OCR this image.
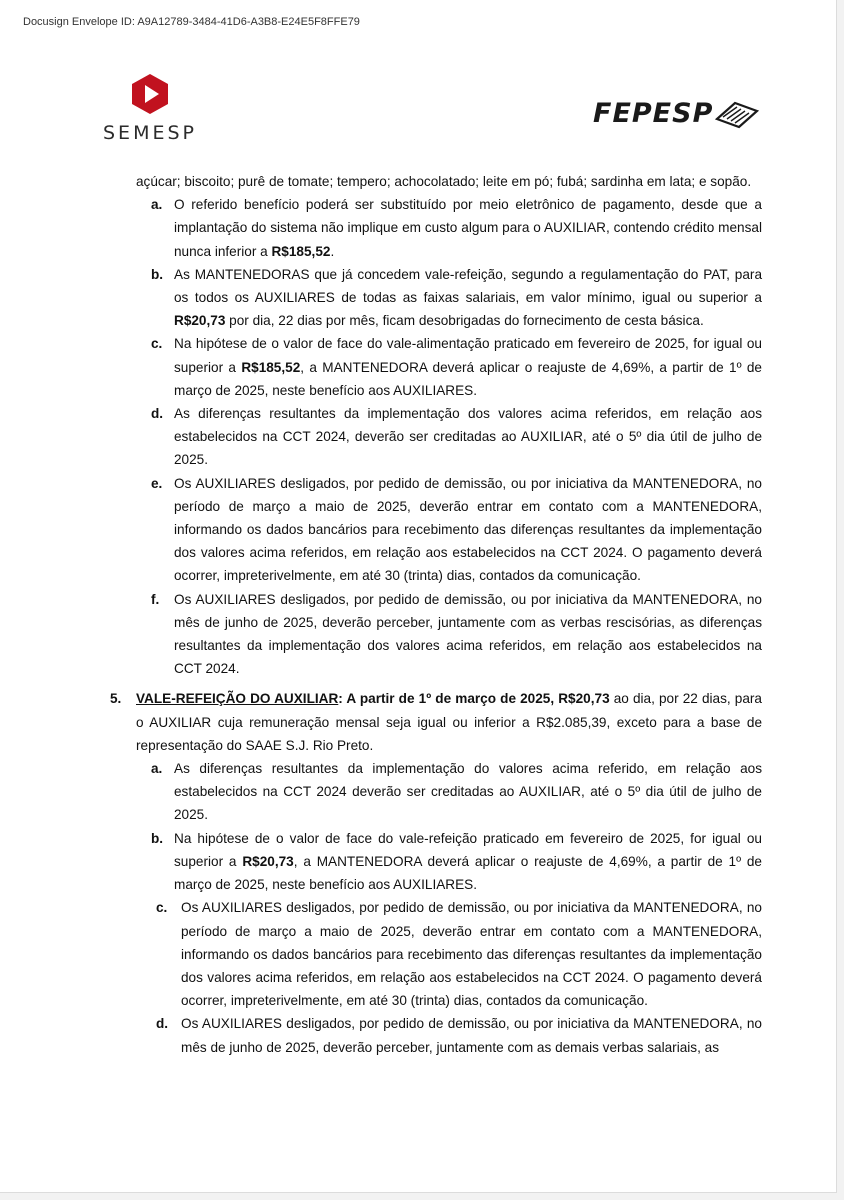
Docusign Envelope ID: A9A12789-3484-41D6-A3B8-E24E5F8FFE79
SEMESP
FEPESP
açúcar; biscoito; purê de tomate; tempero; achocolatado; leite em pó; fubá; sardinha em lata; e sopão.
a. O referido benefício poderá ser substituído por meio eletrônico de pagamento, desde que a implantação do sistema não implique em custo algum para o AUXILIAR, contendo crédito mensal nunca inferior a R$185,52.
b. As MANTENEDORAS que já concedem vale-refeição, segundo a regulamentação do PAT, para os todos os AUXILIARES de todas as faixas salariais, em valor mínimo, igual ou superior a R$20,73 por dia, 22 dias por mês, ficam desobrigadas do fornecimento de cesta básica.
c. Na hipótese de o valor de face do vale-alimentação praticado em fevereiro de 2025, for igual ou superior a R$185,52, a MANTENEDORA deverá aplicar o reajuste de 4,69%, a partir de 1º de março de 2025, neste benefício aos AUXILIARES.
d. As diferenças resultantes da implementação dos valores acima referidos, em relação aos estabelecidos na CCT 2024, deverão ser creditadas ao AUXILIAR, até o 5º dia útil de julho de 2025.
e. Os AUXILIARES desligados, por pedido de demissão, ou por iniciativa da MANTENEDORA, no período de março a maio de 2025, deverão entrar em contato com a MANTENEDORA, informando os dados bancários para recebimento das diferenças resultantes da implementação dos valores acima referidos, em relação aos estabelecidos na CCT 2024. O pagamento deverá ocorrer, impreterivelmente, em até 30 (trinta) dias, contados da comunicação.
f. Os AUXILIARES desligados, por pedido de demissão, ou por iniciativa da MANTENEDORA, no mês de junho de 2025, deverão perceber, juntamente com as verbas rescisórias, as diferenças resultantes da implementação dos valores acima referidos, em relação aos estabelecidos na CCT 2024.
5. VALE-REFEIÇÃO DO AUXILIAR: A partir de 1º de março de 2025, R$20,73 ao dia, por 22 dias, para o AUXILIAR cuja remuneração mensal seja igual ou inferior a R$2.085,39, exceto para a base de representação do SAAE S.J. Rio Preto.
a. As diferenças resultantes da implementação do valores acima referido, em relação aos estabelecidos na CCT 2024 deverão ser creditadas ao AUXILIAR, até o 5º dia útil de julho de 2025.
b. Na hipótese de o valor de face do vale-refeição praticado em fevereiro de 2025, for igual ou superior a R$20,73, a MANTENEDORA deverá aplicar o reajuste de 4,69%, a partir de 1º de março de 2025, neste benefício aos AUXILIARES.
c. Os AUXILIARES desligados, por pedido de demissão, ou por iniciativa da MANTENEDORA, no período de março a maio de 2025, deverão entrar em contato com a MANTENEDORA, informando os dados bancários para recebimento das diferenças resultantes da implementação dos valores acima referidos, em relação aos estabelecidos na CCT 2024. O pagamento deverá ocorrer, impreterivelmente, em até 30 (trinta) dias, contados da comunicação.
d. Os AUXILIARES desligados, por pedido de demissão, ou por iniciativa da MANTENEDORA, no mês de junho de 2025, deverão perceber, juntamente com as demais verbas salariais, as
